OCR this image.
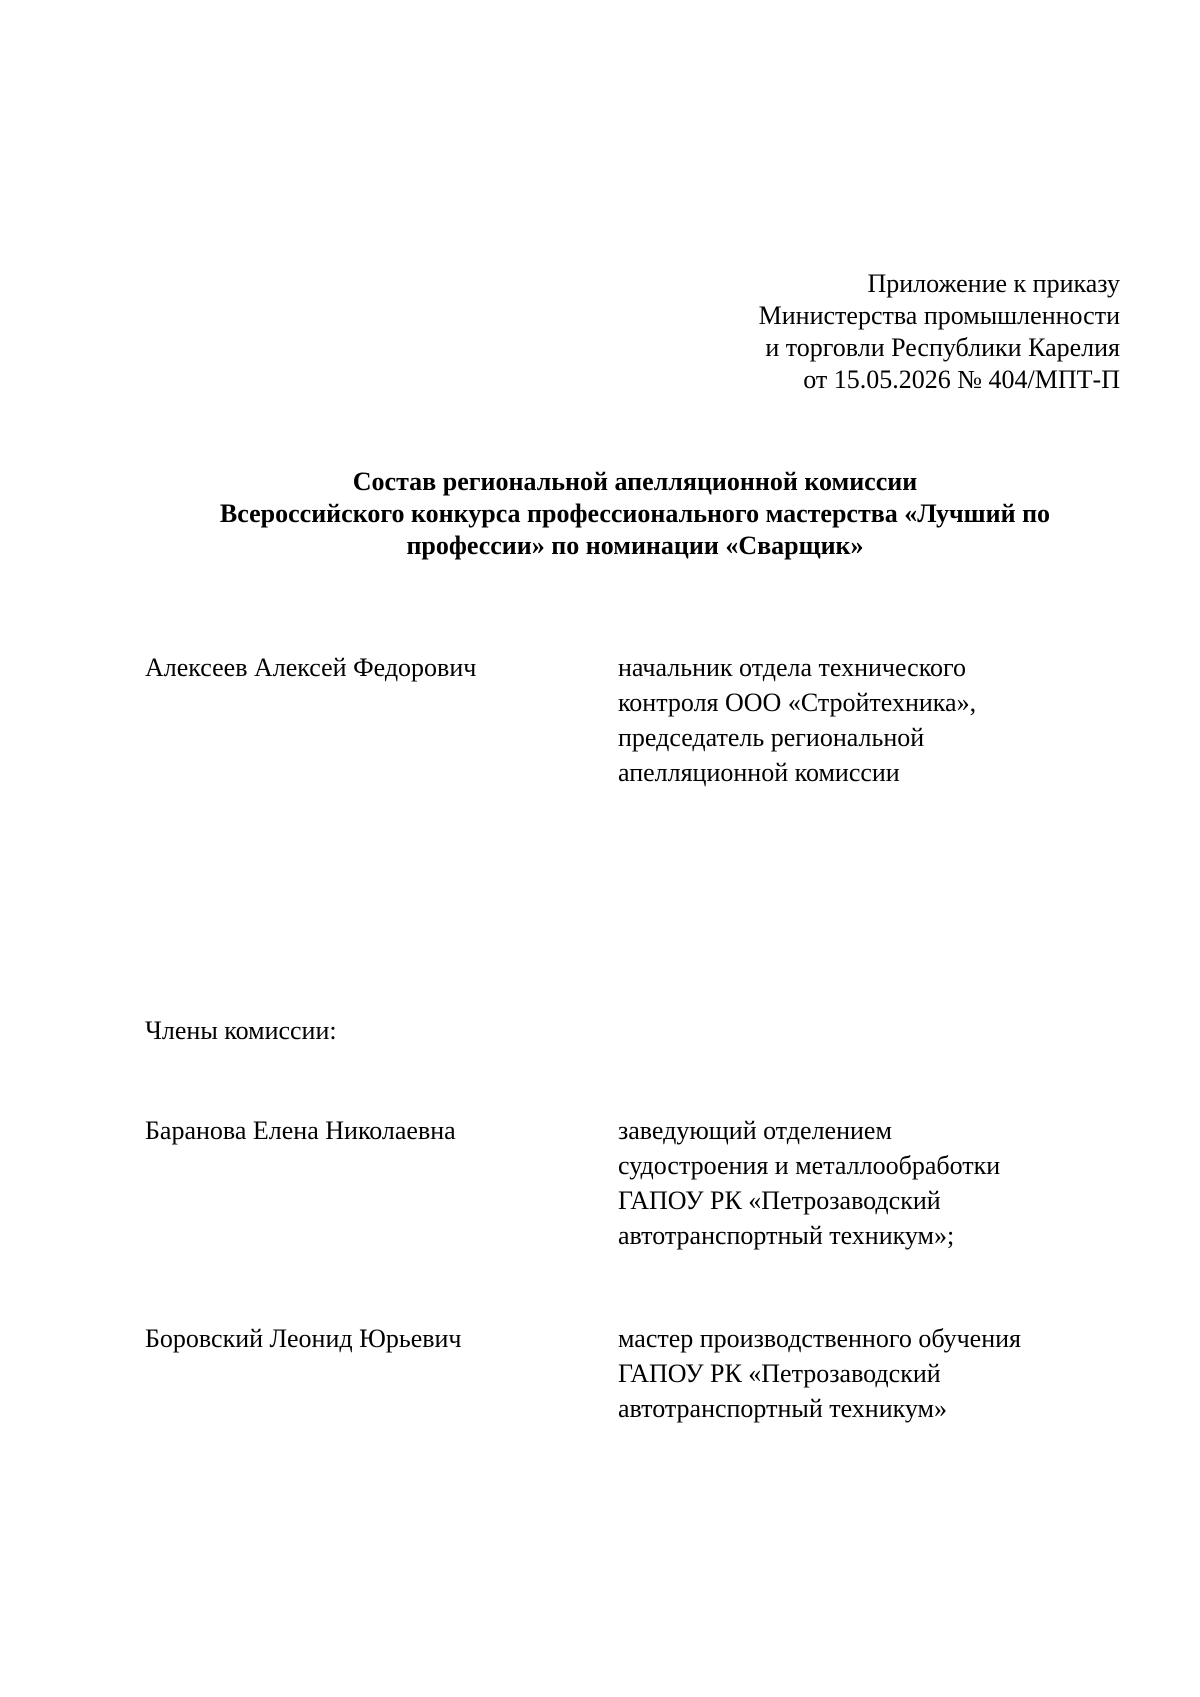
Приложение к приказу
Министерства промышленности
и торговли Республики Карелия
от 15.05.2026 № 404/МПТ-П
Состав региональной апелляционной комиссии
Всероссийского конкурса профессионального мастерства «Лучший по
профессии» по номинации «Сварщик»
Алексеев Алексей Федорович	начальник отдела технического
контроля ООО «Стройтехника»,
председатель региональной
апелляционной комиссии
Члены комиссии:
Баранова Елена Николаевна	заведующий отделением
судостроения и металлообработки
ГАПОУ РК «Петрозаводский
автотранспортный техникум»;
Боровский Леонид Юрьевич	мастер производственного обучения
ГАПОУ РК «Петрозаводский
автотранспортный техникум»
